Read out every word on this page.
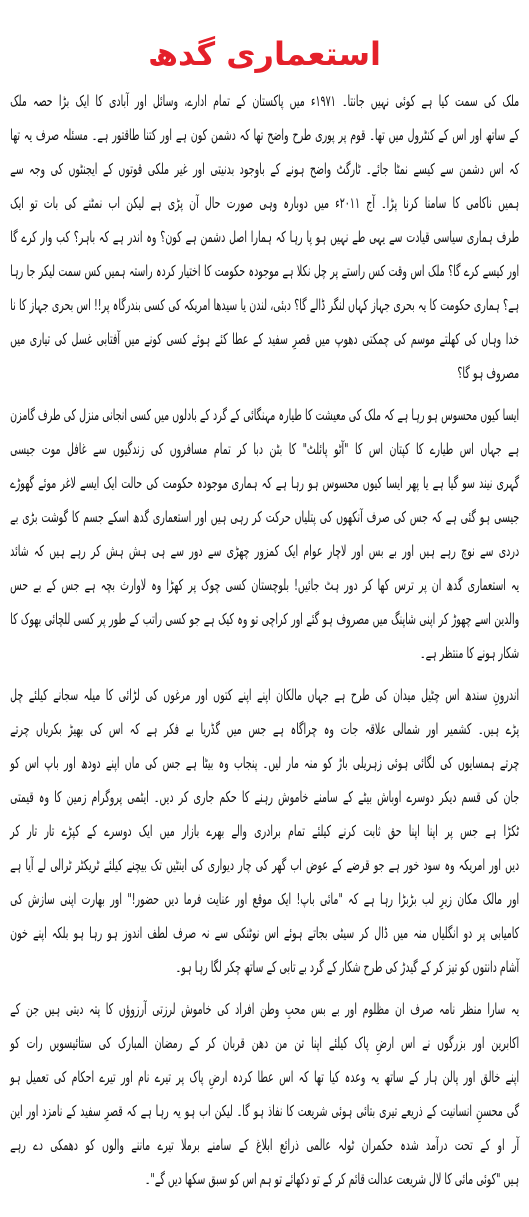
استعماری گدھ
ملک کی سمت کیا ہے کوئی نہیں جانتا۔ ۱۹۷۱ء میں پاکستان کے تمام ادارے، وسائل اور آبادی کا ایک بڑا حصہ ملک
کے ساتھ اور اس کے کنٹرول میں تھا۔ قوم پر پوری طرح واضح تھا کہ دشمن کون ہے اور کتنا طاقتور ہے۔ مسئلہ صرف یہ تھا
کہ اس دشمن سے کیسے نمٹا جائے۔ ٹارگٹ واضح ہونے کے باوجود بدنیتی اور غیر ملکی قوتوں کے ایجنٹوں کی وجہ سے
ہمیں ناکامی کا سامنا کرنا پڑا۔ آج ۲۰۱۱ء میں دوبارہ وہی صورت حال آن پڑی ہے لیکن اب نمٹنے کی بات تو ایک
طرف ہماری سیاسی قیادت سے یہی طے نہیں ہو پا رہا کہ ہمارا اصل دشمن ہے کون؟ وہ اندر ہے کہ باہر؟ کب وار کرے گا
اور کیسے کرے گا؟ ملک اس وقت کس راستے پر چل نکلا ہے موجودہ حکومت کا اختیار کردہ راستہ ہمیں کس سمت لیکر جا رہا
ہے؟ ہماری حکومت کا یہ بحری جہاز کہاں لنگر ڈالے گا؟ دبئی، لندن یا سیدھا امریکہ کی کسی بندرگاہ پر!! اس بحری جہاز کا نا
خدا وہاں کی کھلتے موسم کی چمکتی دھوپ میں قصرِ سفید کے عطا کئے ہوئے کسی کونے میں آفتابی غسل کی تیاری میں
مصروف ہو گا؟
ایسا کیوں محسوس ہو رہا ہے کہ ملک کی معیشت کا طیارہ مہنگائی کے گرد کے بادلوں میں کسی انجانی منزل کی طرف گامزن
ہے جہاں اس طیارے کا کپتان اس کا "آٹو پائلٹ" کا بٹن دبا کر تمام مسافروں کی زندگیوں سے غافل موت جیسی
گہری نیند سو گیا ہے یا پھر ایسا کیوں محسوس ہو رہا ہے کہ ہماری موجودہ حکومت کی حالت ایک ایسے لاغر موئے گھوڑے
جیسی ہو گئی ہے کہ جس کی صرف آنکھوں کی پتلیاں حرکت کر رہی ہیں اور استعماری گدھ اسکے جسم کا گوشت بڑی بے
دردی سے نوچ رہے ہیں اور بے بس اور لاچار عوام ایک کمزور چھڑی سے دور سے ہی ہش ہش کر رہے ہیں کہ شائد
یہ استعماری گدھ ان پر ترس کھا کر دور ہٹ جائیں! بلوچستان کسی چوک پر کھڑا وہ لاوارث بچہ ہے جس کے بے حس
والدین اسے چھوڑ کر اپنی شاپنگ میں مصروف ہو گئے اور کراچی تو وہ کیک ہے جو کسی راتب کے طور پر کسی للچائی بھوک کا
شکار ہونے کا منتظر ہے۔
اندرونِ سندھ اس چٹیل میدان کی طرح ہے جہاں مالکان اپنے اپنے کتوں اور مرغوں کی لڑائی کا میلہ سجانے کیلئے چل
پڑے ہیں۔ کشمیر اور شمالی علاقہ جات وہ چراگاہ ہے جس میں گڈریا بے فکر ہے کہ اس کی بھیڑ بکریاں چرتے
چرتے ہمسایوں کی لگائی ہوئی زہریلی باڑ کو منہ مار لیں۔ پنجاب وہ بیٹا ہے جس کی ماں اپنے دودھ اور باپ اس کو
جان کی قسم دیکر دوسرے اوباش بیٹے کے سامنے خاموش رہنے کا حکم جاری کر دیں۔ ایٹمی پروگرام زمین کا وہ قیمتی
ٹکڑا ہے جس پر اپنا اپنا حق ثابت کرنے کیلئے تمام برادری والے بھرے بازار میں ایک دوسرے کے کپڑے تار تار کر
دیں اور امریکہ وہ سود خور ہے جو قرضے کے عوض اب گھر کی چار دیواری کی اینٹیں تک بیچنے کیلئے ٹریکٹر ٹرالی لے آیا ہے
اور مالک مکان زیرِ لب بڑبڑا رہا ہے کہ "مائی باپ! ایک موقع اور عنایت فرما دیں حضور!" اور بھارت اپنی سازش کی
کامیابی پر دو انگلیاں منہ میں ڈال کر سیٹی بجاتے ہوئے اس نوٹنکی سے نہ صرف لطف اندوز ہو رہا ہو بلکہ اپنے خون
آشام دانتوں کو تیز کر کے گیدڑ کی طرح شکار کے گرد بے تابی کے ساتھ چکر لگا رہا ہو۔
یہ سارا منظر نامہ صرف ان مظلوم اور بے بس محبِ وطن افراد کی خاموش لرزتی آرزوؤں کا پتہ دیتی ہیں جن کے
اکابرین اور بزرگوں نے اس ارضِ پاک کیلئے اپنا تن من دھن قربان کر کے رمضان المبارک کی ستائیسویں رات کو
اپنے خالق اور پالن ہار کے ساتھ یہ وعدہ کیا تھا کہ اس عطا کردہ ارضِ پاک پر تیرے نام اور تیرے احکام کی تعمیل ہو
گی محسنِ انسانیت کے ذریعے تیری بتائی ہوئی شریعت کا نفاذ ہو گا۔ لیکن اب ہو یہ رہا ہے کہ قصرِ سفید کے نامزد اور این
آر او کے تحت درآمد شدہ حکمران ٹولہ عالمی ذرائع ابلاغ کے سامنے برملا تیرے ماننے والوں کو دھمکی دے رہے
ہیں "کوئی مائی کا لال شریعت عدالت قائم کر کے تو دکھائے تو ہم اس کو سبق سکھا دیں گے"۔
